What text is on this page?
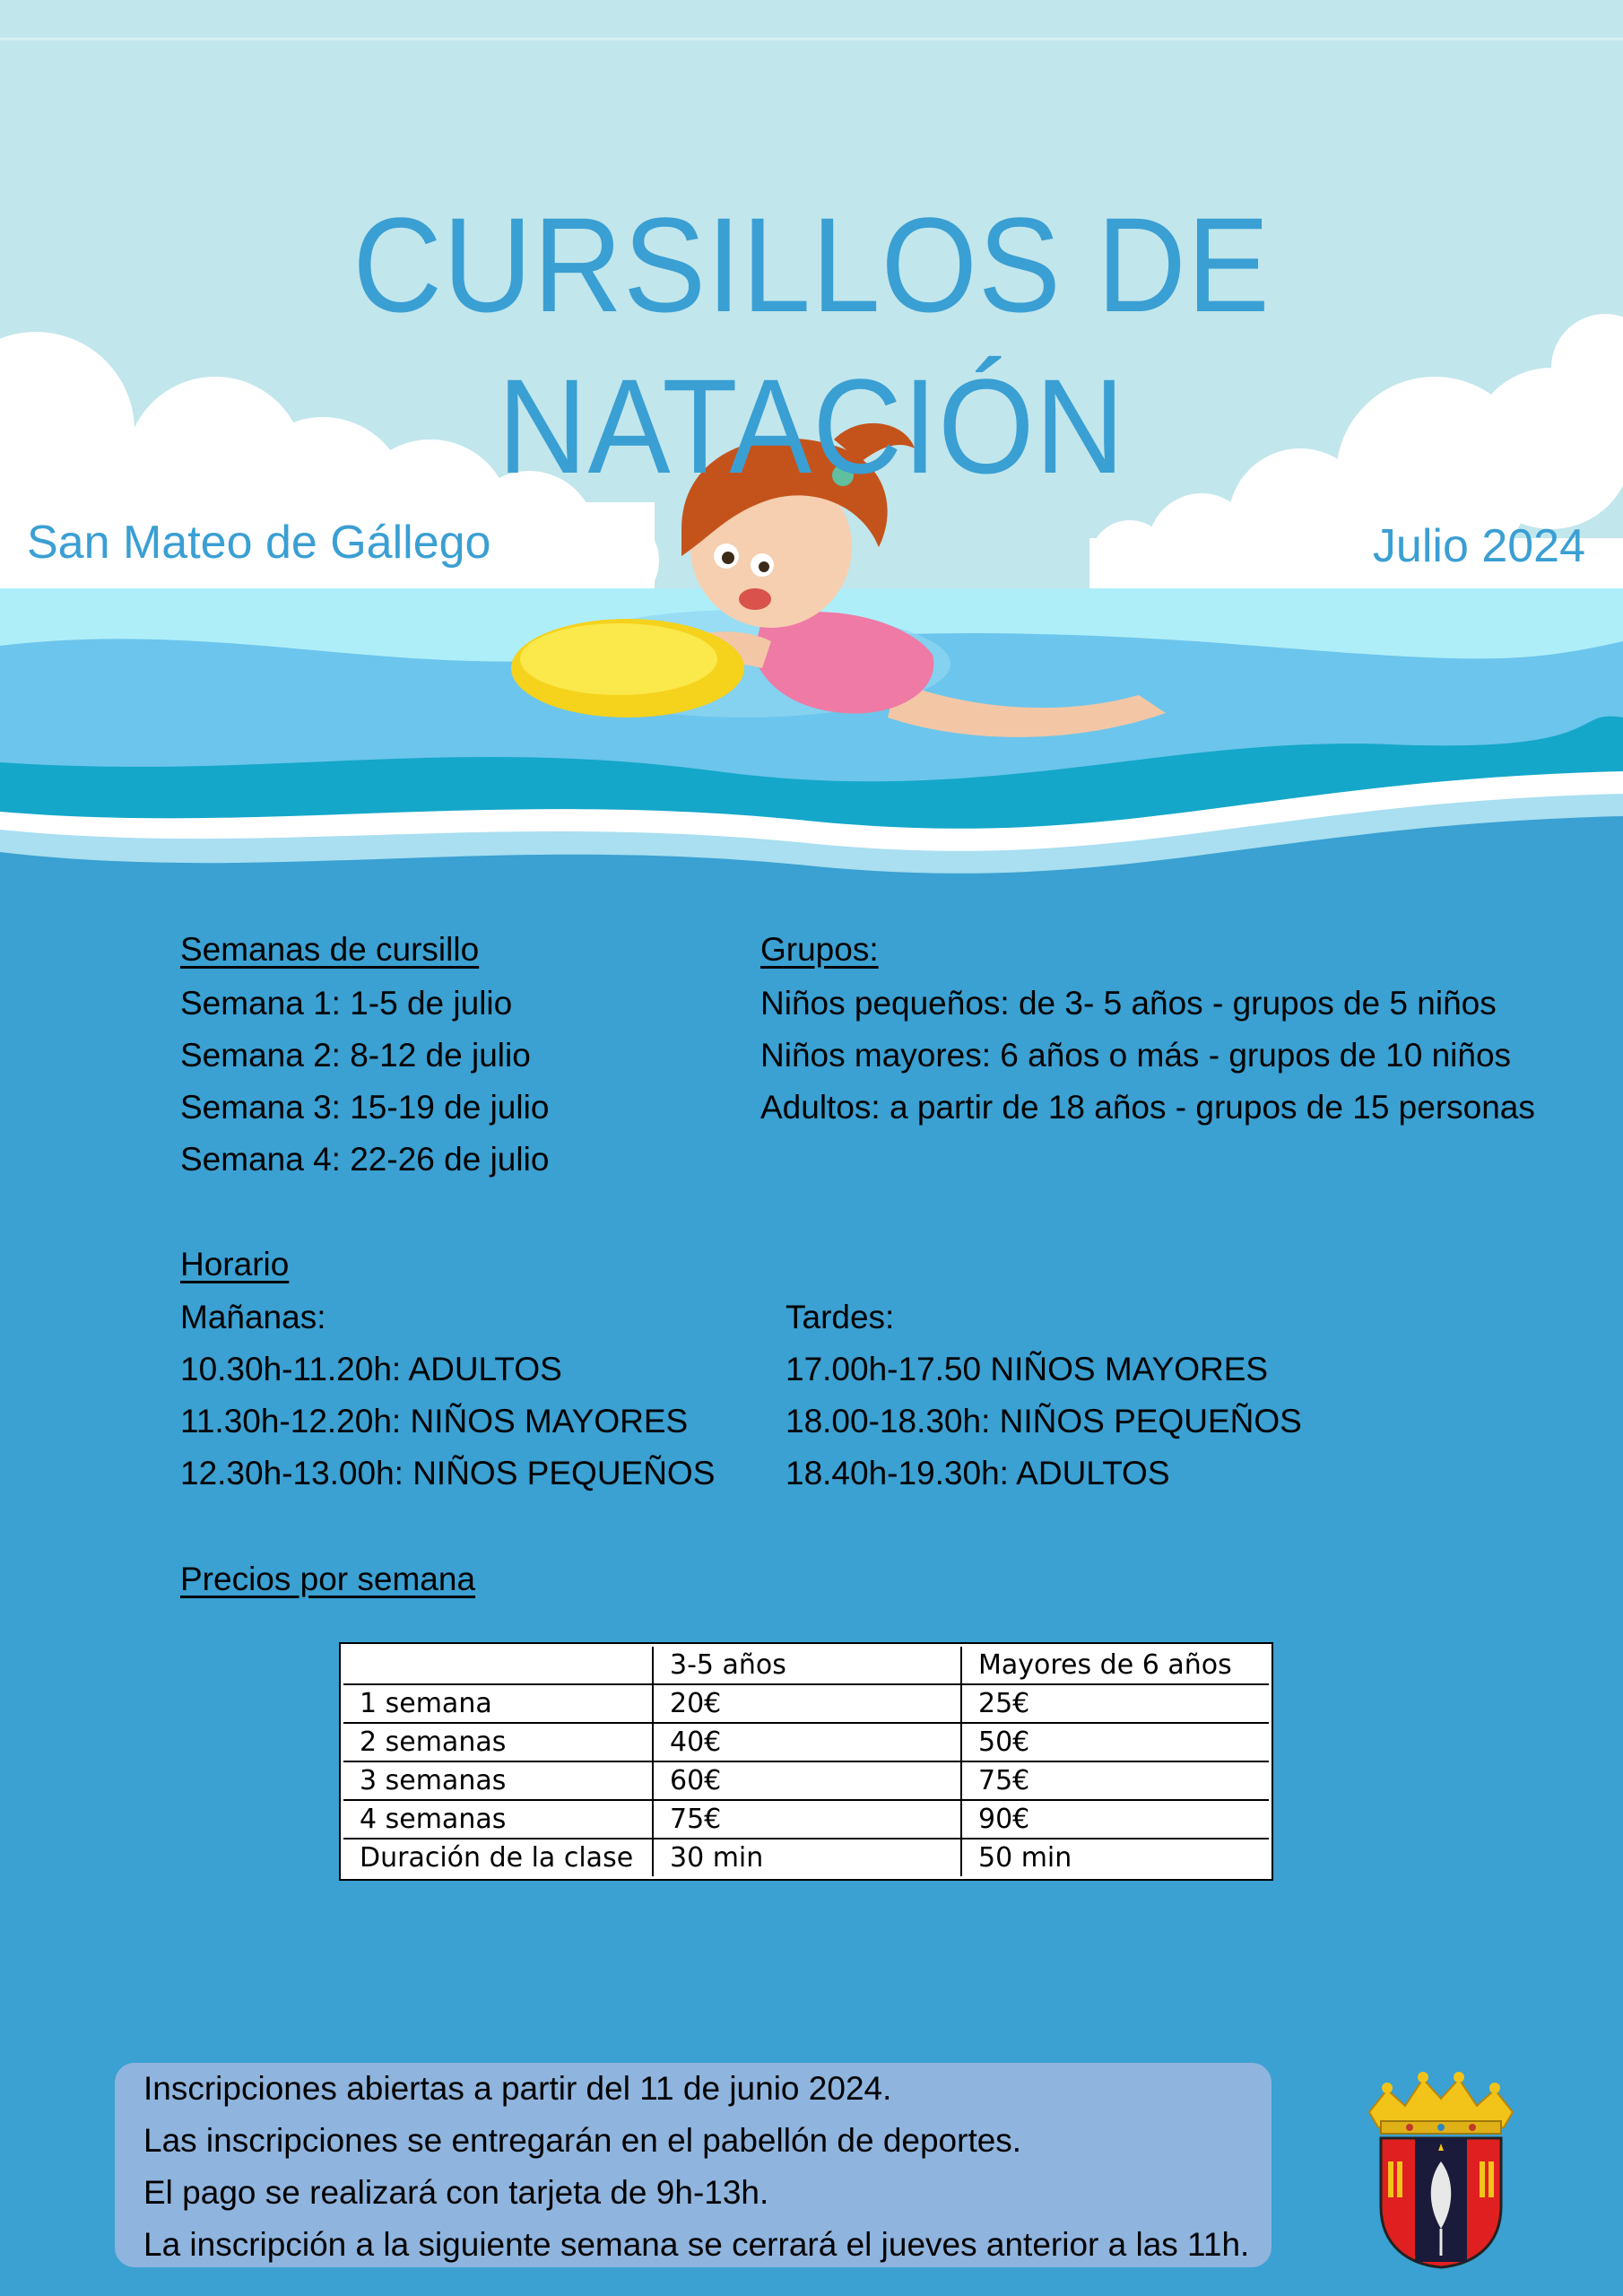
CURSILLOS DE NATACIÓN
San Mateo de Gállego	Julio 2024
Semanas de cursillo
Semana 1: 1-5 de julio
Semana 2: 8-12 de julio
Semana 3: 15-19 de julio
Semana 4: 22-26 de julio
Grupos:
Niños pequeños: de 3- 5 años - grupos de 5 niños
Niños mayores: 6 años o más - grupos de 10 niños
Adultos: a partir de 18 años - grupos de 15 personas
Horario
Mañanas:
10.30h-11.20h: ADULTOS
11.30h-12.20h: NIÑOS MAYORES
12.30h-13.00h: NIÑOS PEQUEÑOS
Tardes:
17.00h-17.50 NIÑOS MAYORES
18.00-18.30h: NIÑOS PEQUEÑOS
18.40h-19.30h: ADULTOS
Precios por semana
	3-5 años	Mayores de 6 años
1 semana	20€	25€
2 semanas	40€	50€
3 semanas	60€	75€
4 semanas	75€	90€
Duración de la clase	30 min	50 min
Inscripciones abiertas a partir del 11 de junio 2024.
Las inscripciones se entregarán en el pabellón de deportes.
El pago se realizará con tarjeta de 9h-13h.
La inscripción a la siguiente semana se cerrará el jueves anterior a las 11h.
